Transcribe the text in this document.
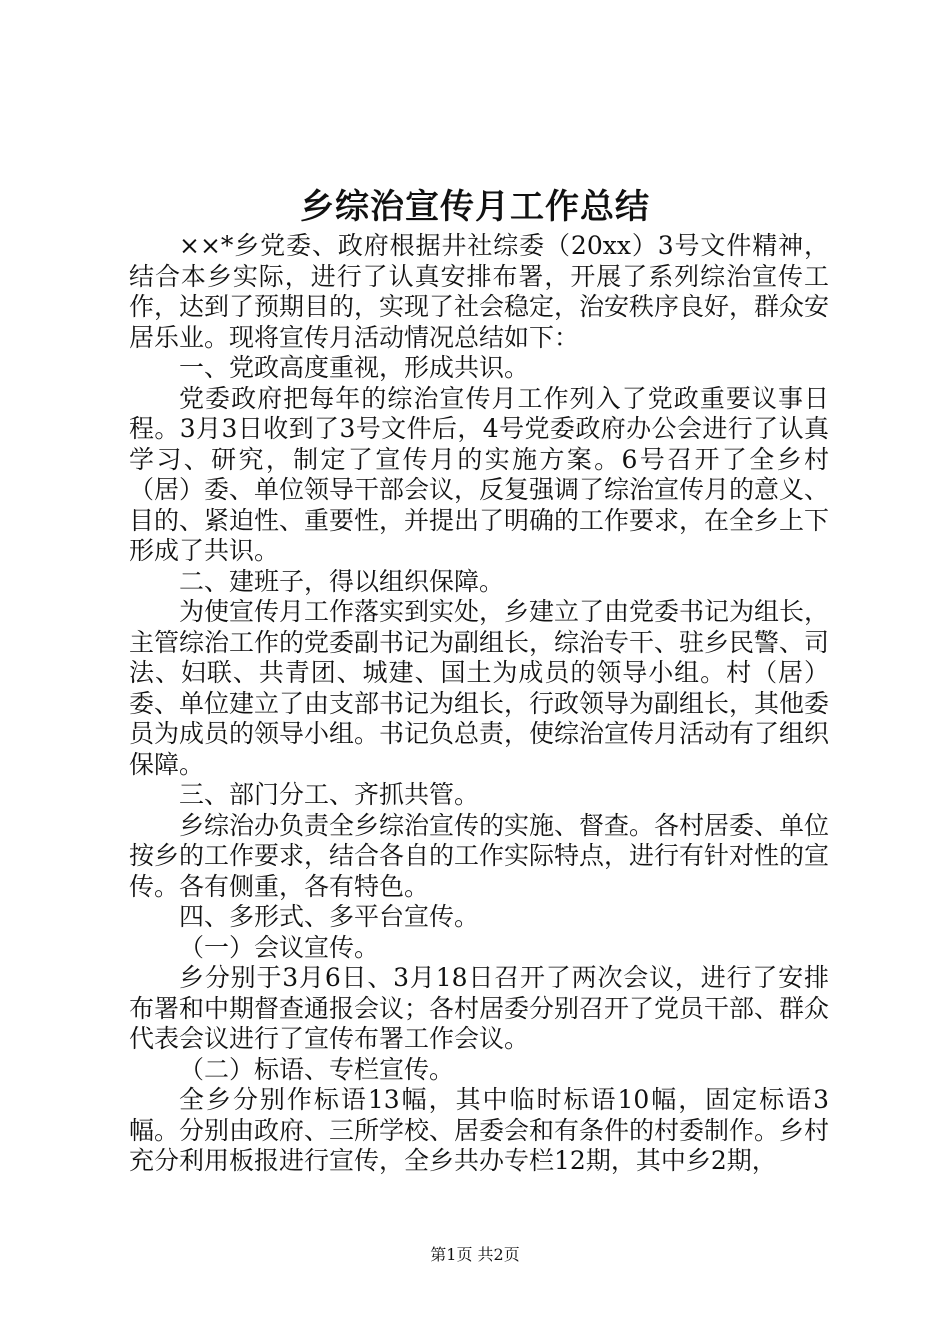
乡综治宣传月工作总结

××*乡党委、政府根据井社综委（20xx）3号文件精神，结合本乡实际，进行了认真安排布署，开展了系列综治宣传工作，达到了预期目的，实现了社会稳定，治安秩序良好，群众安居乐业。现将宣传月活动情况总结如下：

一、党政高度重视，形成共识。

党委政府把每年的综治宣传月工作列入了党政重要议事日程。3月3日收到了3号文件后，4号党委政府办公会进行了认真学习、研究，制定了宣传月的实施方案。6号召开了全乡村（居）委、单位领导干部会议，反复强调了综治宣传月的意义、目的、紧迫性、重要性，并提出了明确的工作要求，在全乡上下形成了共识。

二、建班子，得以组织保障。

为使宣传月工作落实到实处，乡建立了由党委书记为组长，主管综治工作的党委副书记为副组长，综治专干、驻乡民警、司法、妇联、共青团、城建、国土为成员的领导小组。村（居）委、单位建立了由支部书记为组长，行政领导为副组长，其他委员为成员的领导小组。书记负总责，使综治宣传月活动有了组织保障。

三、部门分工、齐抓共管。

乡综治办负责全乡综治宣传的实施、督查。各村居委、单位按乡的工作要求，结合各自的工作实际特点，进行有针对性的宣传。各有侧重，各有特色。

四、多形式、多平台宣传。

（一）会议宣传。

乡分别于3月6日、3月18日召开了两次会议，进行了安排布署和中期督查通报会议；各村居委分别召开了党员干部、群众代表会议进行了宣传布署工作会议。

（二）标语、专栏宣传。

全乡分别作标语13幅，其中临时标语10幅，固定标语3幅。分别由政府、三所学校、居委会和有条件的村委制作。乡村充分利用板报进行宣传，全乡共办专栏12期，其中乡2期，

第1页 共2页
